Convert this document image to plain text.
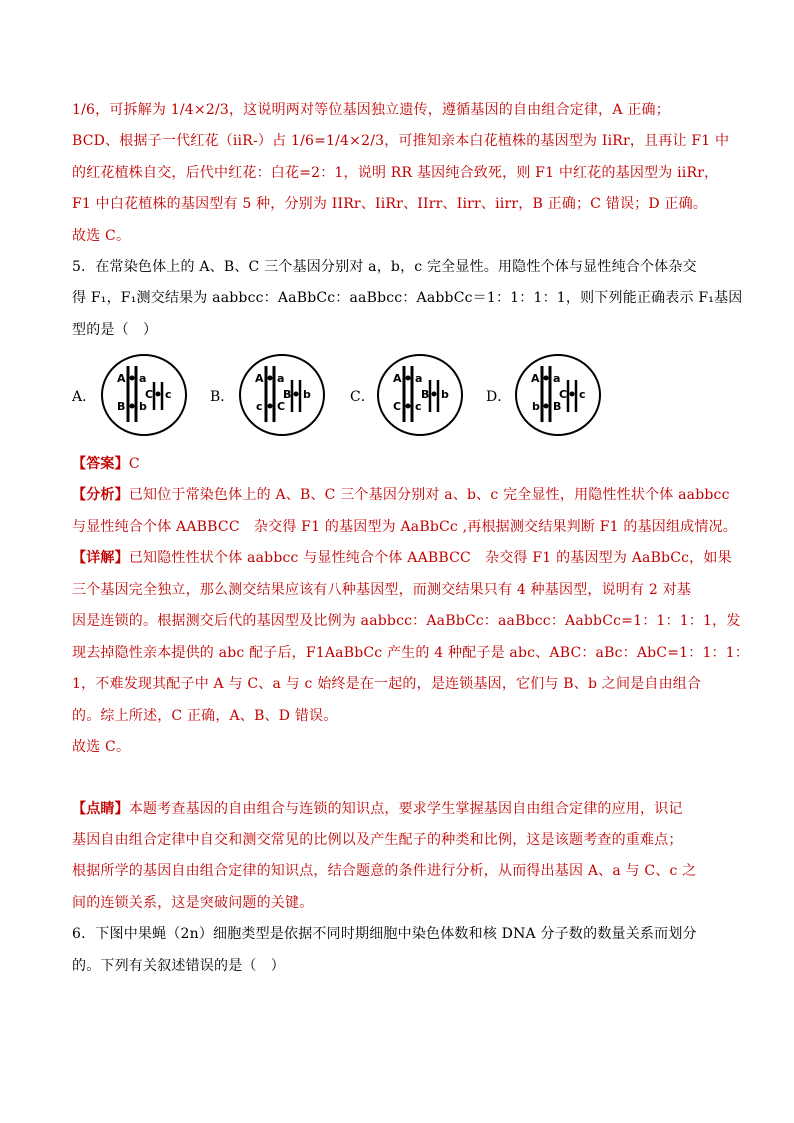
1/6，可拆解为 1/4×2/3，这说明两对等位基因独立遗传，遵循基因的自由组合定律，A 正确；
BCD、根据子一代红花（iiR-）占 1/6=1/4×2/3，可推知亲本白花植株的基因型为 IiRr，且再让 F1 中
的红花植株自交，后代中红花：白花=2：1，说明 RR 基因纯合致死，则 F1 中红花的基因型为 iiRr，
F1 中白花植株的基因型有 5 种，分别为 IIRr、IiRr、IIrr、Iirr、iirr，B 正确；C 错误；D 正确。
故选 C。
5．在常染色体上的 A、B、C 三个基因分别对 a，b，c 完全显性。用隐性个体与显性纯合个体杂交
得 F₁，F₁测交结果为 aabbcc：AaBbCc：aaBbcc：AabbCc＝1：1：1：1，则下列能正确表示 F₁基因
型的是（　）
A．
A a
B b
C c	B．
A a
c C
B b	C．
A a
C c
B b	D．
A a
b B
C c
【答案】C
【分析】已知位于常染色体上的 A、B、C 三个基因分别对 a、b、c 完全显性，用隐性性状个体 aabbcc
与显性纯合个体 AABBCC　杂交得 F1 的基因型为 AaBbCc ,再根据测交结果判断 F1 的基因组成情况。
【详解】已知隐性性状个体 aabbcc 与显性纯合个体 AABBCC　杂交得 F1 的基因型为 AaBbCc，如果
三个基因完全独立，那么测交结果应该有八种基因型，而测交结果只有 4 种基因型，说明有 2 对基
因是连锁的。根据测交后代的基因型及比例为 aabbcc：AaBbCc：aaBbcc：AabbCc=1：1：1：1，发
现去掉隐性亲本提供的 abc 配子后，F1AaBbCc 产生的 4 种配子是 abc、ABC：aBc：AbC=1：1：1：
1，不难发现其配子中 A 与 C、a 与 c 始终是在一起的，是连锁基因，它们与 B、b 之间是自由组合
的。综上所述，C 正确，A、B、D 错误。
故选 C。
【点睛】本题考查基因的自由组合与连锁的知识点，要求学生掌握基因自由组合定律的应用，识记
基因自由组合定律中自交和测交常见的比例以及产生配子的种类和比例，这是该题考查的重难点；
根据所学的基因自由组合定律的知识点，结合题意的条件进行分析，从而得出基因 A、a 与 C、c 之
间的连锁关系，这是突破问题的关键。
6．下图中果蝇（2n）细胞类型是依据不同时期细胞中染色体数和核 DNA 分子数的数量关系而划分
的。下列有关叙述错误的是（　）
